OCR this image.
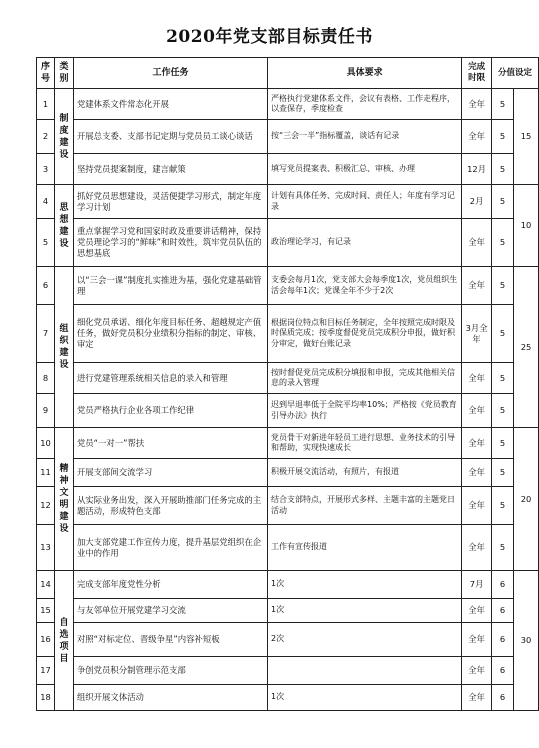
2020年党支部目标责任书
序号	类别	工作任务	具体要求	完成时限	分值设定	
1	制度建设	党建体系文件常态化开展	严格执行党建体系文件，会议有表格、工作走程序，以查保存，季度检查	全年	5	15
2		开展总支委、支部书记定期与党员员工谈心谈话	按“三会一半”指标覆盖，谈话有记录	全年	5	
3		坚持党员提案制度，建言献策	填写党员提案表、积极汇总、审核、办理	12月	5	
4	思想建设	抓好党员思想建设，灵活便捷学习形式，制定年度学习计划	计划有具体任务、完成时间、责任人；年度有学习记录	2月	5	10
5		重点掌握学习党和国家时政及重要讲话精神，保持党员理论学习的“鲜味”和时效性，筑牢党员队伍的思想基底	政治理论学习，有记录	全年	5	
6	组织建设	以“三会一课”制度扎实推进为基，强化党建基础管理	支委会每月1次，党支部大会每季度1次，党员组织生活会每年1次；党课全年不少于2次	全年	5	25
7		细化党员承诺、细化年度目标任务、超越规定产值任务，做好党员积分业绩积分指标的制定、审核、审定	根据岗位特点和目标任务制定，全年按照完成时限及时保质完成；按季度督促党员完成积分申报，做好积分审定，做好台账记录	3月全年	5	
8		进行党建管理系统相关信息的录入和管理	按时督促党员完成积分填报和申报，完成其他相关信息的录入管理	全年	5	
9		党员严格执行企业各项工作纪律	迟到早退率低于全院平均率10%；严格按《党员教育引导办法》执行	全年	5	
10	精神文明建设	党员“一对一”帮扶	党员骨干对新进年轻员工进行思想、业务技术的引导和帮助，实现快速成长	全年	5	20
11		开展支部间交流学习	积极开展交流活动，有照片，有报道	全年	5	
12		从实际业务出发，深入开展助推部门任务完成的主题活动，形成特色支部	结合支部特点，开展形式多样、主题丰富的主题党日活动	全年	5	
13		加大支部党建工作宣传力度，提升基层党组织在企业中的作用	工作有宣传报道	全年	5	
14	自选项目	完成支部年度党性分析	1次	7月	6	30
15		与友邻单位开展党建学习交流	1次	全年	6	
16		对照“对标定位、晋级争星”内容补短板	2次	全年	6	
17		争创党员积分制管理示范支部		全年	6	
18		组织开展文体活动	1次	全年	6	
